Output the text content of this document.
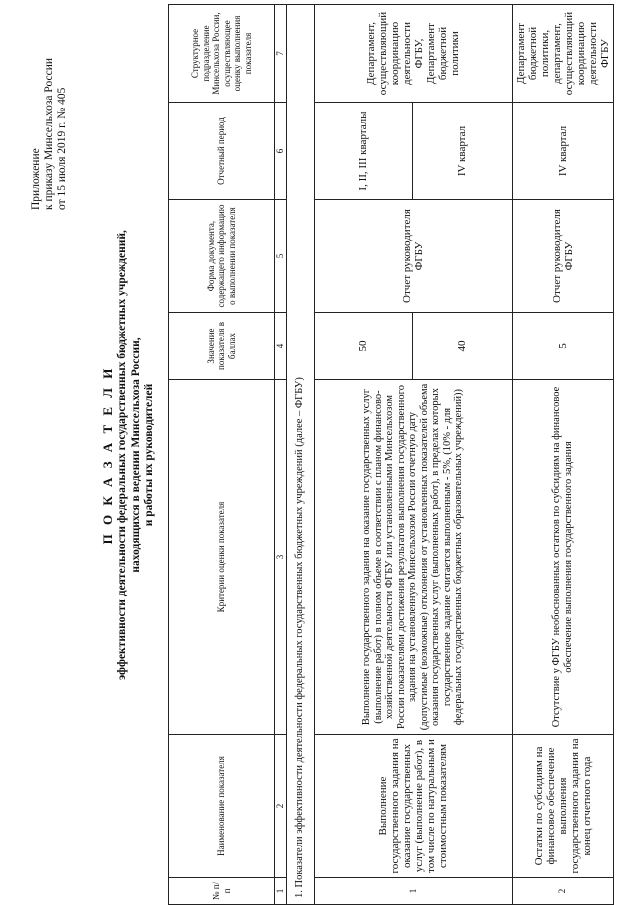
Приложение к приказу Минсельхоза России от 15 июля 2019 г. № 405
П О К А З А Т Е Л И эффективности деятельности федеральных государственных бюджетных учреждений, находящихся в ведении Минсельхоза России, и работы их руководителей
№ п/п	Наименование показателя	Критерии оценки показателя	Значение показателя в баллах	Форма документа, содержащего информацию о выполнении показателя	Отчетный период	Структурное подразделение Минсельхоза России, осуществляющее оценку выполнения показателя
1	2	3	4	5	6	7
1. Показатели эффективности деятельности федеральных государственных бюджетных учреждений (далее – ФГБУ)						
1	Выполнение государственного задания на оказание государственных услуг (выполнение работ), в том числе по натуральным и стоимостным показателям	Выполнение государственного задания на оказание государственных услуг (выполнение работ) в полном объеме в соответствии с планом финансово-хозяйственной деятельности ФГБУ или установленными Минсельхозом России показателями достижения результатов выполнения государственного задания на установленную Минсельхозом России отчетную дату (допустимые (возможные) отклонения от установленных показателей объема оказания государственных услуг (выполненных работ), в пределах которых государственное задание считается выполненным - 5%, (10% - для федеральных государственных бюджетных образовательных учреждений))	50	Отчет руководителя ФГБУ	I, II, III кварталы	Департамент, осуществляющий координацию деятельности ФГБУ, Департамент бюджетной политики
			40		IV квартал	
2	Остатки по субсидиям на финансовое обеспечение выполнения государственного задания на конец отчетного года	Отсутствие у ФГБУ необоснованных остатков по субсидиям на финансовое обеспечение выполнения государственного задания	5	Отчет руководителя ФГБУ	IV квартал	Департамент бюджетной политики, департамент, осуществляющий координацию деятельности ФГБУ
